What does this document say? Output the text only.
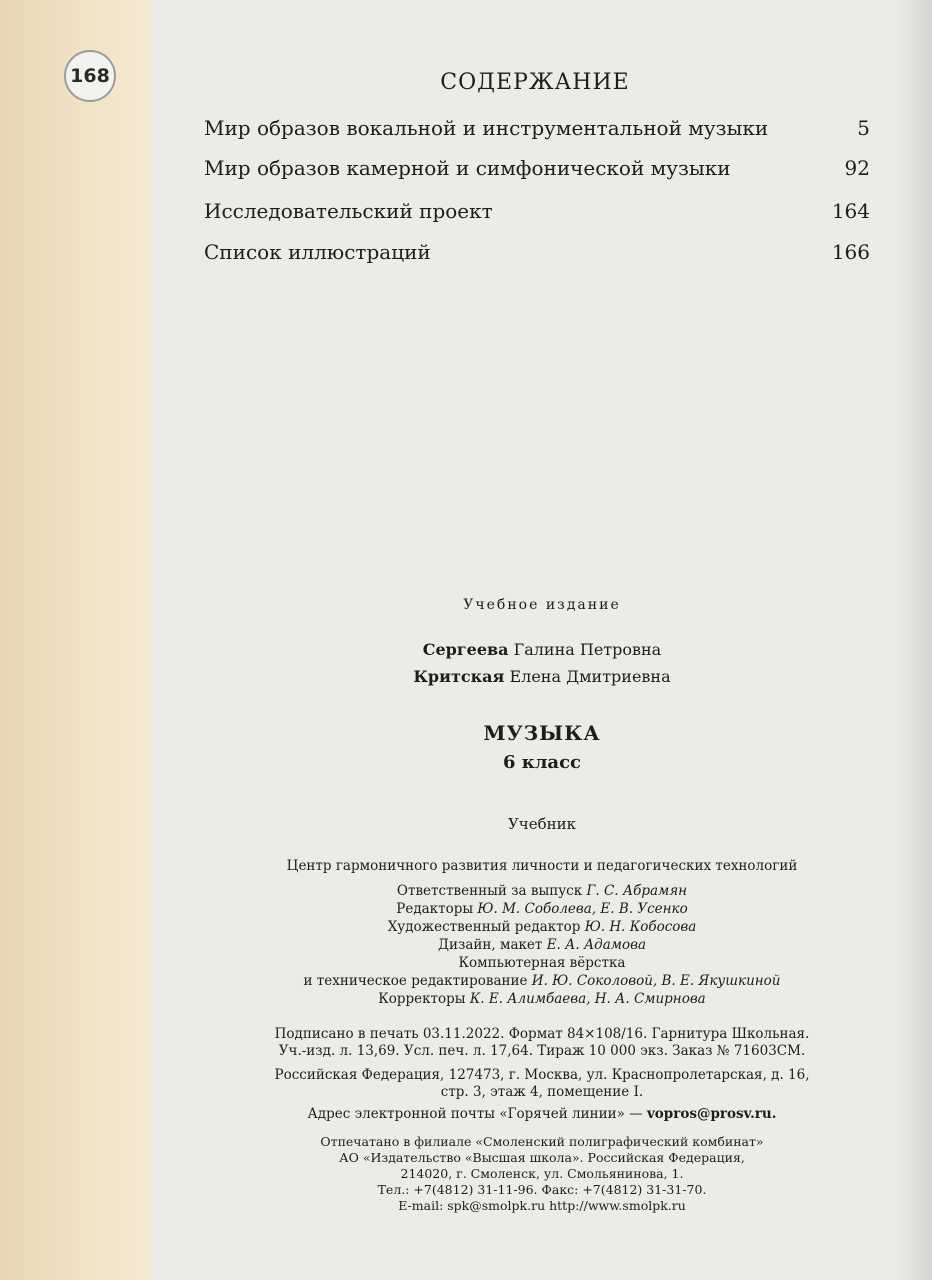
168	СОДЕРЖАНИЕ
Мир образов вокальной и инструментальной музыки	5
Мир образов камерной и симфонической музыки	92
Исследовательский проект	164
Список иллюстраций	166
Учебное издание
Сергеева Галина Петровна
Критская Елена Дмитриевна
МУЗЫКА
6 класс
Учебник
Центр гармоничного развития личности и педагогических технологий
Ответственный за выпуск Г. С. Абрамян
Редакторы Ю. М. Соболева, Е. В. Усенко
Художественный редактор Ю. Н. Кобосова
Дизайн, макет Е. А. Адамова
Компьютерная вёрстка
и техническое редактирование И. Ю. Соколовой, В. Е. Якушкиной
Корректоры К. Е. Алимбаева, Н. А. Смирнова
Подписано в печать 03.11.2022. Формат 84×108/16. Гарнитура Школьная.
Уч.-изд. л. 13,69. Усл. печ. л. 17,64. Тираж 10 000 экз. Заказ № 71603СМ.
Российская Федерация, 127473, г. Москва, ул. Краснопролетарская, д. 16,
стр. 3, этаж 4, помещение I.
Адрес электронной почты «Горячей линии» — vopros@prosv.ru.
Отпечатано в филиале «Смоленский полиграфический комбинат»
АО «Издательство «Высшая школа». Российская Федерация,
214020, г. Смоленск, ул. Смольянинова, 1.
Тел.: +7(4812) 31-11-96. Факс: +7(4812) 31-31-70.
E-mail: spk@smolpk.ru http://www.smolpk.ru
